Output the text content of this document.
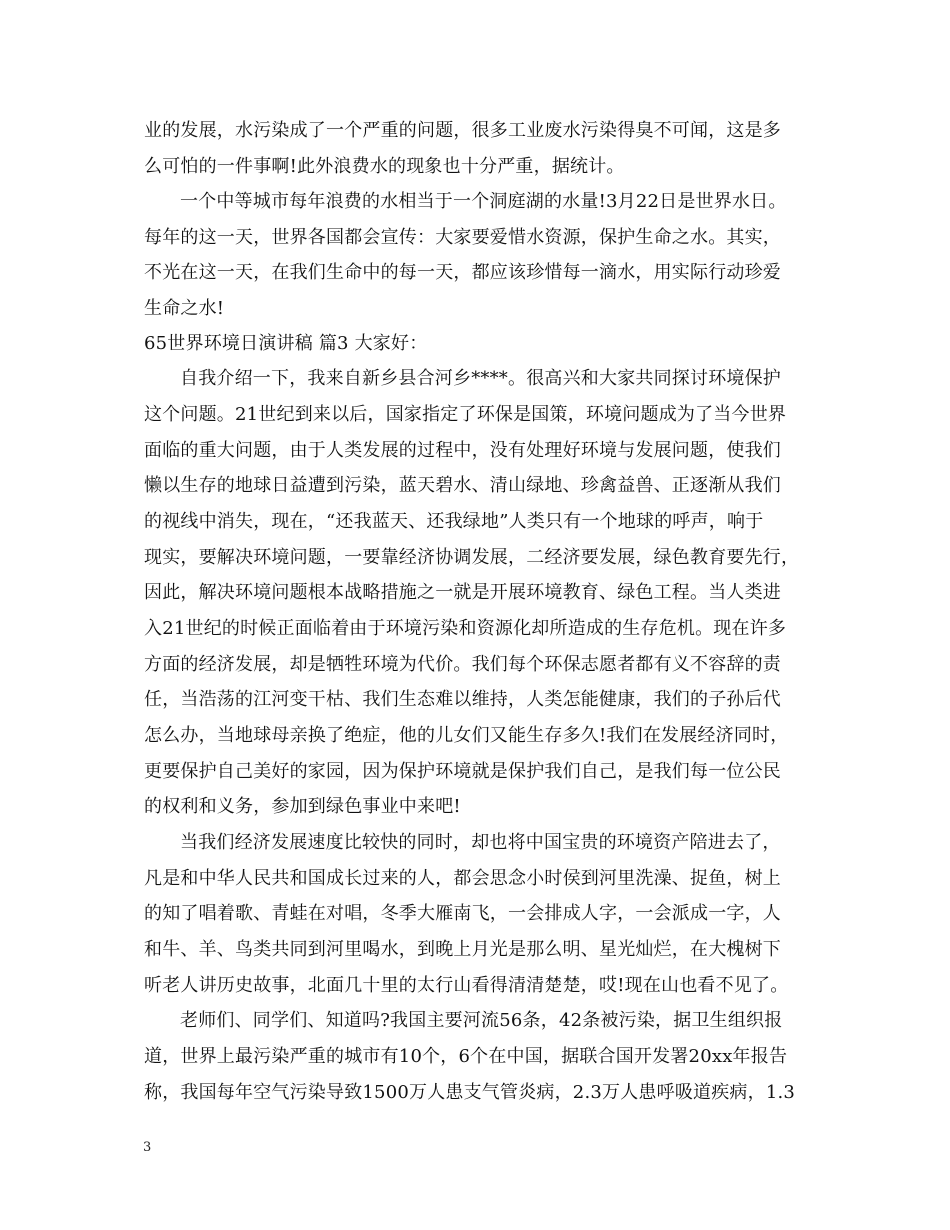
业的发展，水污染成了一个严重的问题，很多工业废水污染得臭不可闻，这是多
么可怕的一件事啊!此外浪费水的现象也十分严重，据统计。
一个中等城市每年浪费的水相当于一个洞庭湖的水量!3月22日是世界水日。
每年的这一天，世界各国都会宣传：大家要爱惜水资源，保护生命之水。其实，
不光在这一天，在我们生命中的每一天，都应该珍惜每一滴水，用实际行动珍爱
生命之水!
65世界环境日演讲稿 篇3 大家好：
自我介绍一下，我来自新乡县合河乡****。很高兴和大家共同探讨环境保护
这个问题。21世纪到来以后，国家指定了环保是国策，环境问题成为了当今世界
面临的重大问题，由于人类发展的过程中，没有处理好环境与发展问题，使我们
懒以生存的地球日益遭到污染，蓝天碧水、清山绿地、珍禽益兽、正逐渐从我们
的视线中消失，现在，“还我蓝天、还我绿地”人类只有一个地球的呼声，响于
现实，要解决环境问题，一要靠经济协调发展，二经济要发展，绿色教育要先行，
因此，解决环境问题根本战略措施之一就是开展环境教育、绿色工程。当人类进
入21世纪的时候正面临着由于环境污染和资源化却所造成的生存危机。现在许多
方面的经济发展，却是牺牲环境为代价。我们每个环保志愿者都有义不容辞的责
任，当浩荡的江河变干枯、我们生态难以维持，人类怎能健康，我们的子孙后代
怎么办，当地球母亲换了绝症，他的儿女们又能生存多久!我们在发展经济同时，
更要保护自己美好的家园，因为保护环境就是保护我们自己，是我们每一位公民
的权利和义务，参加到绿色事业中来吧!
当我们经济发展速度比较快的同时，却也将中国宝贵的环境资产陪进去了，
凡是和中华人民共和国成长过来的人，都会思念小时侯到河里洗澡、捉鱼，树上
的知了唱着歌、青蛙在对唱，冬季大雁南飞，一会排成人字，一会派成一字，人
和牛、羊、鸟类共同到河里喝水，到晚上月光是那么明、星光灿烂，在大槐树下
听老人讲历史故事，北面几十里的太行山看得清清楚楚，哎!现在山也看不见了。
老师们、同学们、知道吗?我国主要河流56条，42条被污染，据卫生组织报
道，世界上最污染严重的城市有10个，6个在中国，据联合国开发署20xx年报告
称，我国每年空气污染导致1500万人患支气管炎病，2.3万人患呼吸道疾病，1.3
3
